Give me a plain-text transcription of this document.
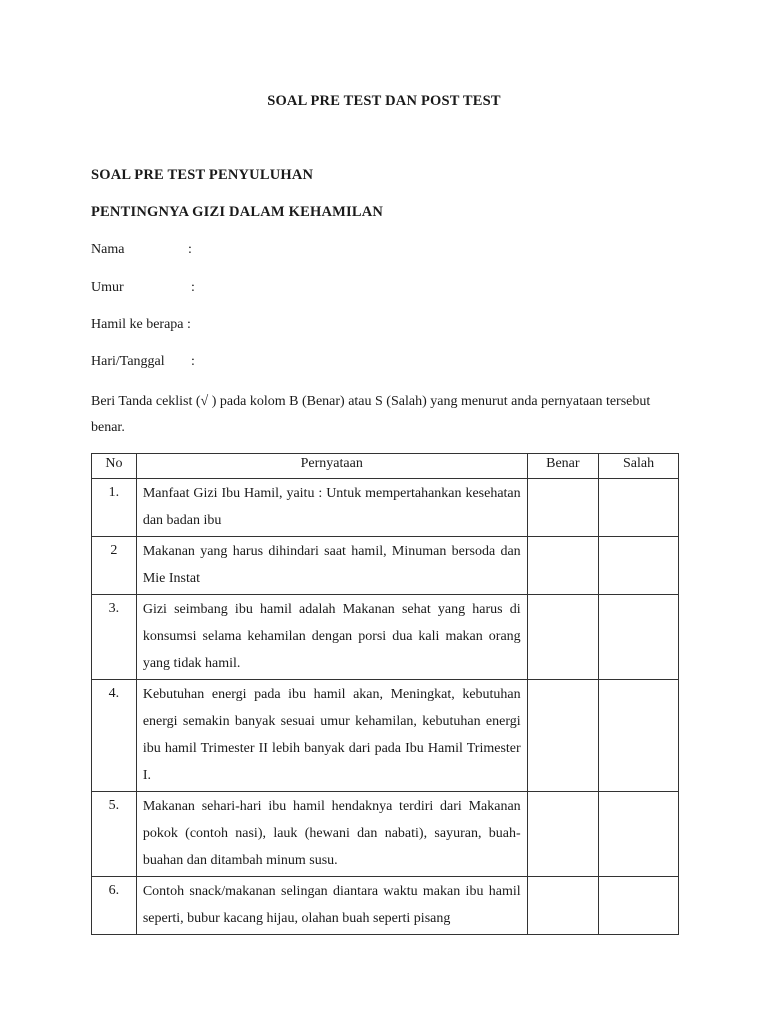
SOAL PRE TEST DAN POST TEST
SOAL PRE TEST PENYULUHAN
PENTINGNYA GIZI DALAM KEHAMILAN
Nama	:
Umur	:
Hamil ke berapa :
Hari/Tanggal :
Beri Tanda ceklist (√ ) pada kolom B (Benar) atau S (Salah) yang menurut anda pernyataan tersebut benar.
No	Pernyataan	Benar	Salah
1.	Manfaat Gizi Ibu Hamil, yaitu : Untuk mempertahankan kesehatan dan badan ibu		
2	Makanan yang harus dihindari saat hamil, Minuman bersoda dan Mie Instat		
3.	Gizi seimbang ibu hamil adalah Makanan sehat yang harus di konsumsi selama kehamilan dengan porsi dua kali makan orang yang tidak hamil.		
4.	Kebutuhan energi pada ibu hamil akan, Meningkat, kebutuhan energi semakin banyak sesuai umur kehamilan, kebutuhan energi ibu hamil Trimester II lebih banyak dari pada Ibu Hamil Trimester I.		
5.	Makanan sehari-hari ibu hamil hendaknya terdiri dari Makanan pokok (contoh nasi), lauk (hewani dan nabati), sayuran, buah-buahan dan ditambah minum susu.		
6.	Contoh snack/makanan selingan diantara waktu makan ibu hamil seperti, bubur kacang hijau, olahan buah seperti pisang		
